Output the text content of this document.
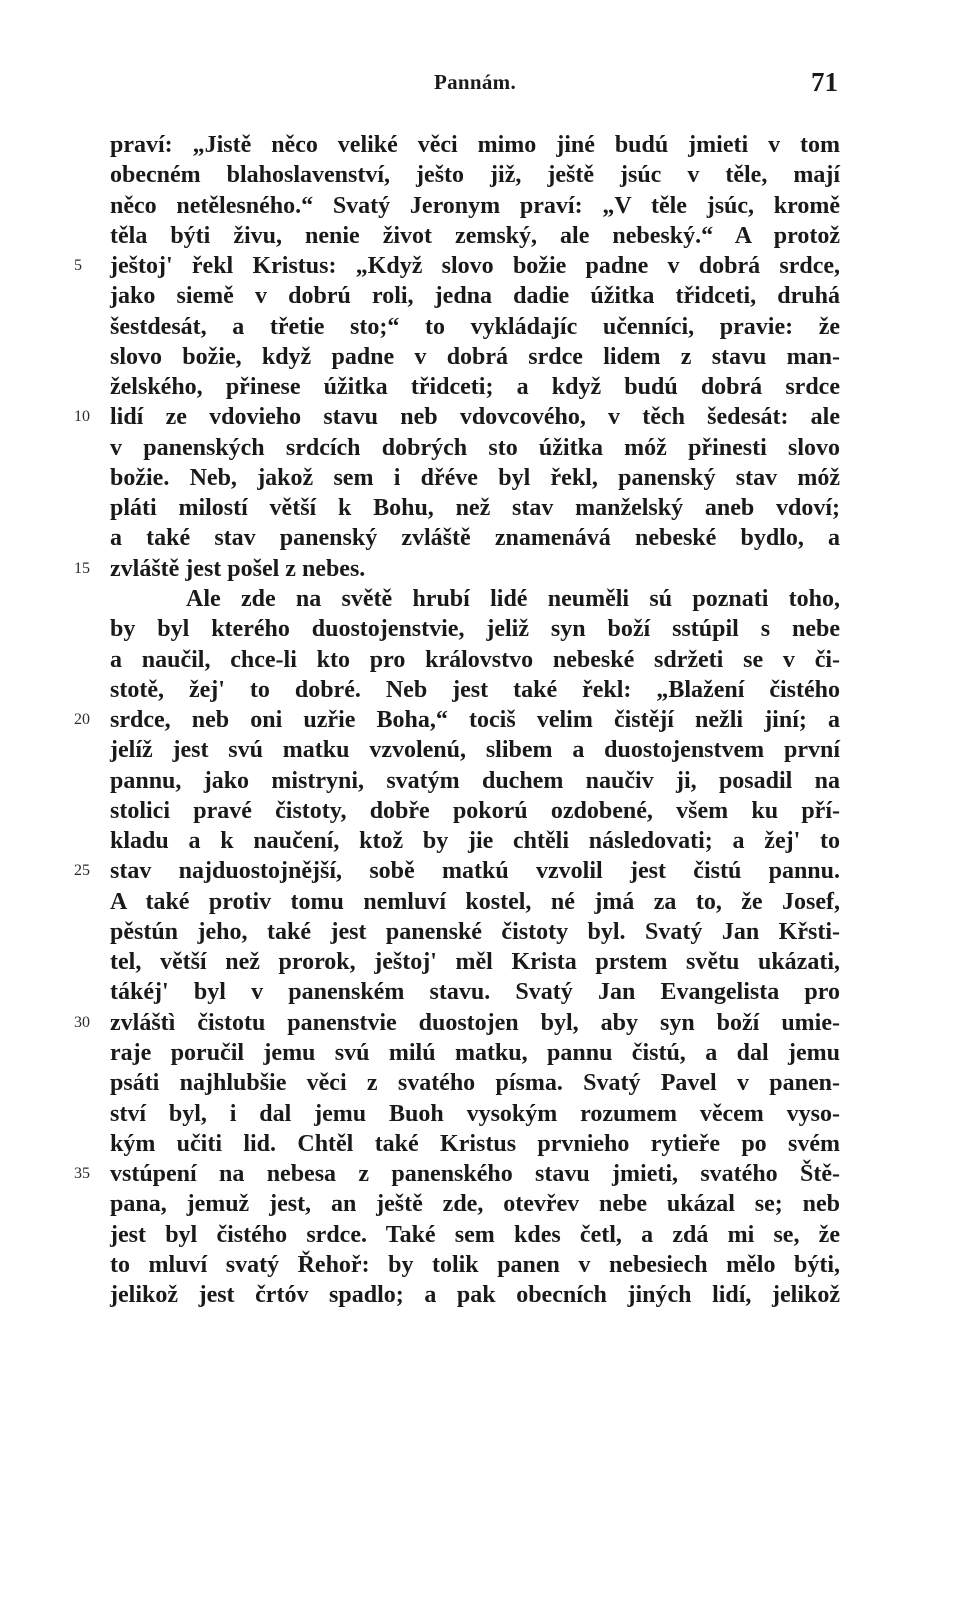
Pannám.	71
praví: „Jistě něco veliké věci mimo jiné budú jmieti v tom
obecném blahoslavenství, ješto již, ještě jsúc v těle, mají
něco netělesného.“ Svatý Jeronym praví: „V těle jsúc, kromě
těla býti živu, nenie život zemský, ale nebeský.“ A protož
5	ještoj' řekl Kristus: „Když slovo božie padne v dobrá srdce,
jako siemě v dobrú roli, jedna dadie úžitka třidceti, druhá
šestdesát, a třetie sto;“ to vykládajíc učenníci, pravie: že
slovo božie, když padne v dobrá srdce lidem z stavu man-
želského, přinese úžitka třidceti; a když budú dobrá srdce
10 lidí ze vdovieho stavu neb vdovcového, v těch šedesát: ale
v panenských srdcích dobrých sto úžitka móž přinesti slovo
božie. Neb, jakož sem i dřéve byl řekl, panenský stav móž
pláti milostí větší k Bohu, než stav manželský aneb vdoví;
a také stav panenský zvláště znamenává nebeské bydlo, a
15 zvláště jest pošel z nebes.
Ale zde na světě hrubí lidé neuměli sú poznati toho,
by byl kterého duostojenstvie, jeliž syn boží sstúpil s nebe
a naučil, chce-li kto pro královstvo nebeské sdržeti se v či-
stotě, žej' to dobré. Neb jest také řekl: „Blažení čistého
20 srdce, neb oni uzřie Boha,“ tociš velim čistějí nežli jiní; a
jelíž jest svú matku vzvolenú, slibem a duostojenstvem první
pannu, jako mistryni, svatým duchem naučiv ji, posadil na
stolici pravé čistoty, dobře pokorú ozdobené, všem ku pří-
kladu a k naučení, ktož by jie chtěli následovati; a žej' to
25 stav najduostojnější, sobě matkú vzvolil jest čistú pannu.
A také protiv tomu nemluví kostel, né jmá za to, že Josef,
pěstún jeho, také jest panenské čistoty byl. Svatý Jan Křsti-
tel, větší než prorok, ještoj' měl Krista prstem světu ukázati,
tákéj' byl v panenském stavu. Svatý Jan Evangelista pro
30 zvláštì čistotu panenstvie duostojen byl, aby syn boží umie-
raje poručil jemu svú milú matku, pannu čistú, a dal jemu
psáti najhlubšie věci z svatého písma. Svatý Pavel v panen-
ství byl, i dal jemu Buoh vysokým rozumem věcem vyso-
kým učiti lid. Chtěl také Kristus prvnieho rytieře po svém
35 vstúpení na nebesa z panenského stavu jmieti, svatého Ště-
pana, jemuž jest, an ještě zde, otevřev nebe ukázal se; neb
jest byl čistého srdce. Také sem kdes četl, a zdá mi se, že
to mluví svatý Řehoř: by tolik panen v nebesiech mělo býti,
jelikož jest črtóv spadlo; a pak obecních jiných lidí, jelikož
